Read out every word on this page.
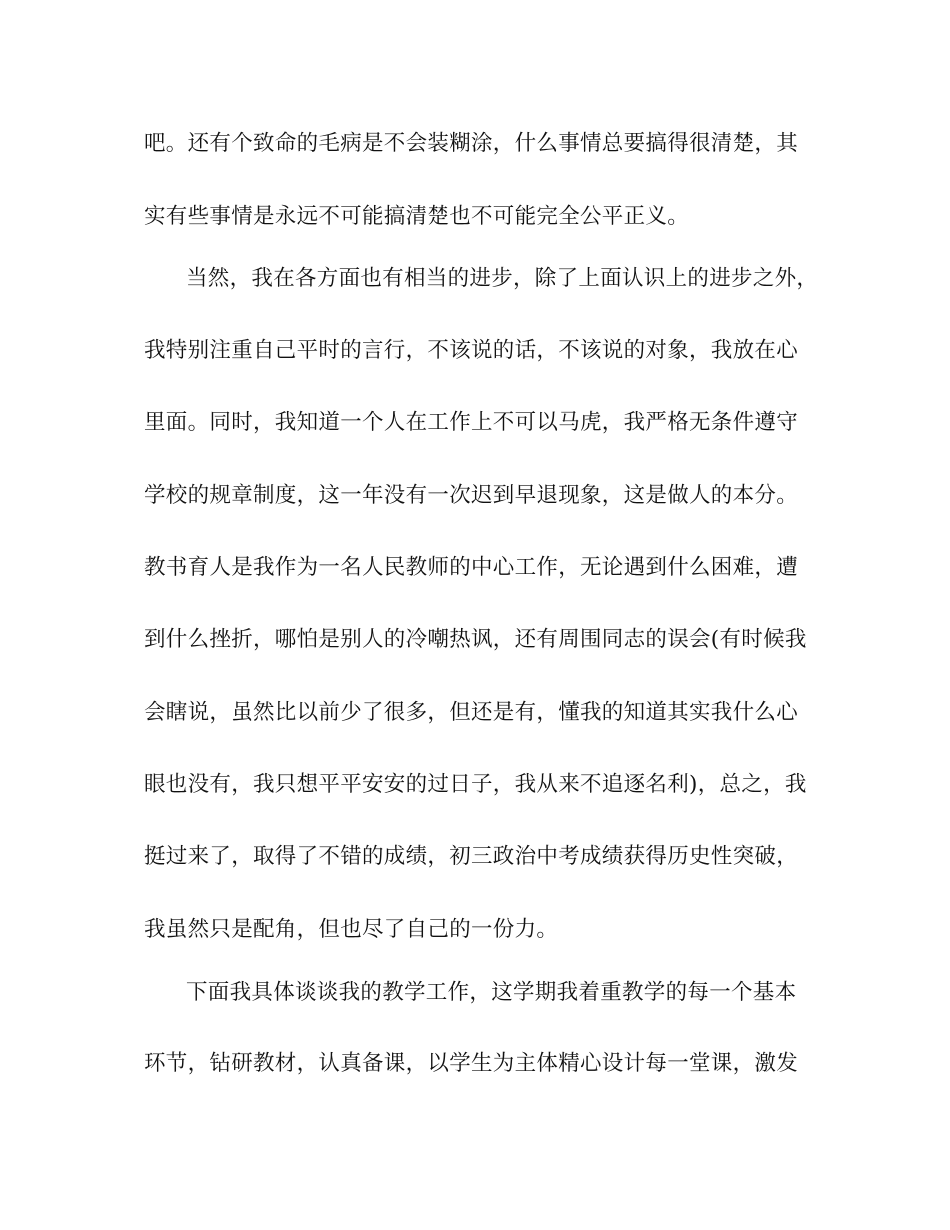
吧。还有个致命的毛病是不会装糊涂，什么事情总要搞得很清楚，其

实有些事情是永远不可能搞清楚也不可能完全公平正义。

当然，我在各方面也有相当的进步，除了上面认识上的进步之外，

我特别注重自己平时的言行，不该说的话，不该说的对象，我放在心

里面。同时，我知道一个人在工作上不可以马虎，我严格无条件遵守

学校的规章制度，这一年没有一次迟到早退现象，这是做人的本分。

教书育人是我作为一名人民教师的中心工作，无论遇到什么困难，遭

到什么挫折，哪怕是别人的冷嘲热讽，还有周围同志的误会(有时候我

会瞎说，虽然比以前少了很多，但还是有，懂我的知道其实我什么心

眼也没有，我只想平平安安的过日子，我从来不追逐名利)，总之，我

挺过来了，取得了不错的成绩，初三政治中考成绩获得历史性突破，

我虽然只是配角，但也尽了自己的一份力。

下面我具体谈谈我的教学工作，这学期我着重教学的每一个基本

环节，钻研教材，认真备课，以学生为主体精心设计每一堂课，激发
